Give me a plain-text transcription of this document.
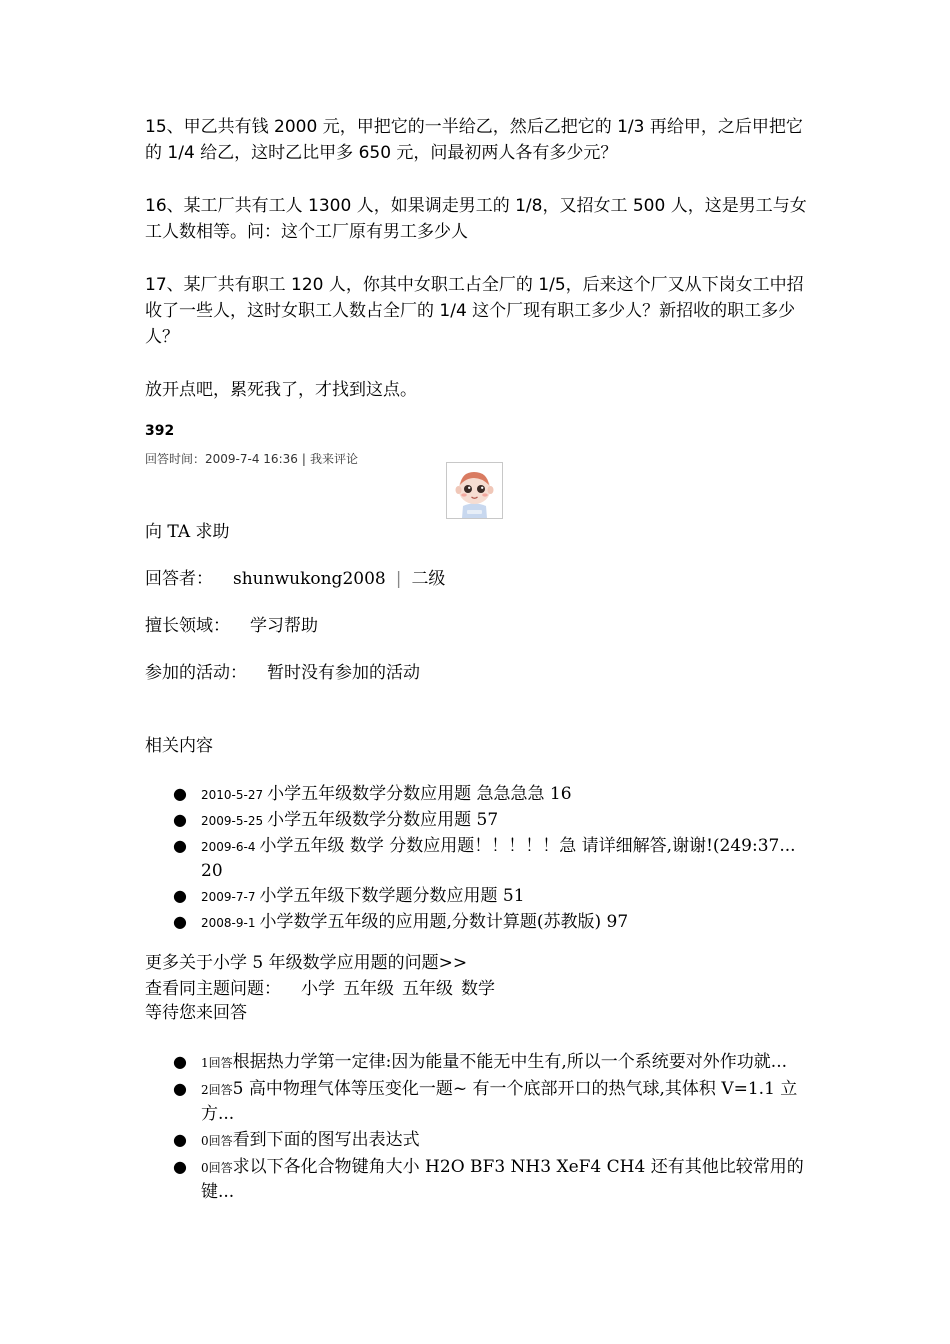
15、甲乙共有钱 2000 元，甲把它的一半给乙，然后乙把它的 1/3 再给甲，之后甲把它的 1/4 给乙，这时乙比甲多 650 元，问最初两人各有多少元？

16、某工厂共有工人 1300 人，如果调走男工的 1/8，又招女工 500 人，这是男工与女工人数相等。问：这个工厂原有男工多少人

17、某厂共有职工 120 人，你其中女职工占全厂的 1/5，后来这个厂又从下岗女工中招收了一些人，这时女职工人数占全厂的 1/4 这个厂现有职工多少人？新招收的职工多少人？

放开点吧，累死我了，才找到这点。
392
回答时间：2009-7-4 16:36 | 我来评论
向 TA 求助
回答者： shunwukong2008 | 二级
擅长领域： 学习帮助
参加的活动： 暂时没有参加的活动
相关内容
● 2010-5-27 小学五年级数学分数应用题 急急急急 16
● 2009-5-25 小学五年级数学分数应用题 57
● 2009-6-4 小学五年级 数学 分数应用题！！！！！急 请详细解答,谢谢!(249:37... 20
● 2009-7-7 小学五年级下数学题分数应用题 51
● 2008-9-1 小学数学五年级的应用题,分数计算题(苏教版) 97
更多关于小学 5 年级数学应用题的问题>>
查看同主题问题： 小学 五年级 五年级 数学
等待您来回答
● 1回答根据热力学第一定律:因为能量不能无中生有,所以一个系统要对外作功就...
● 2回答5 高中物理气体等压变化一题~ 有一个底部开口的热气球,其体积 V=1.1 立方...
● 0回答看到下面的图写出表达式
● 0回答求以下各化合物键角大小 H2O BF3 NH3 XeF4 CH4 还有其他比较常用的键...
